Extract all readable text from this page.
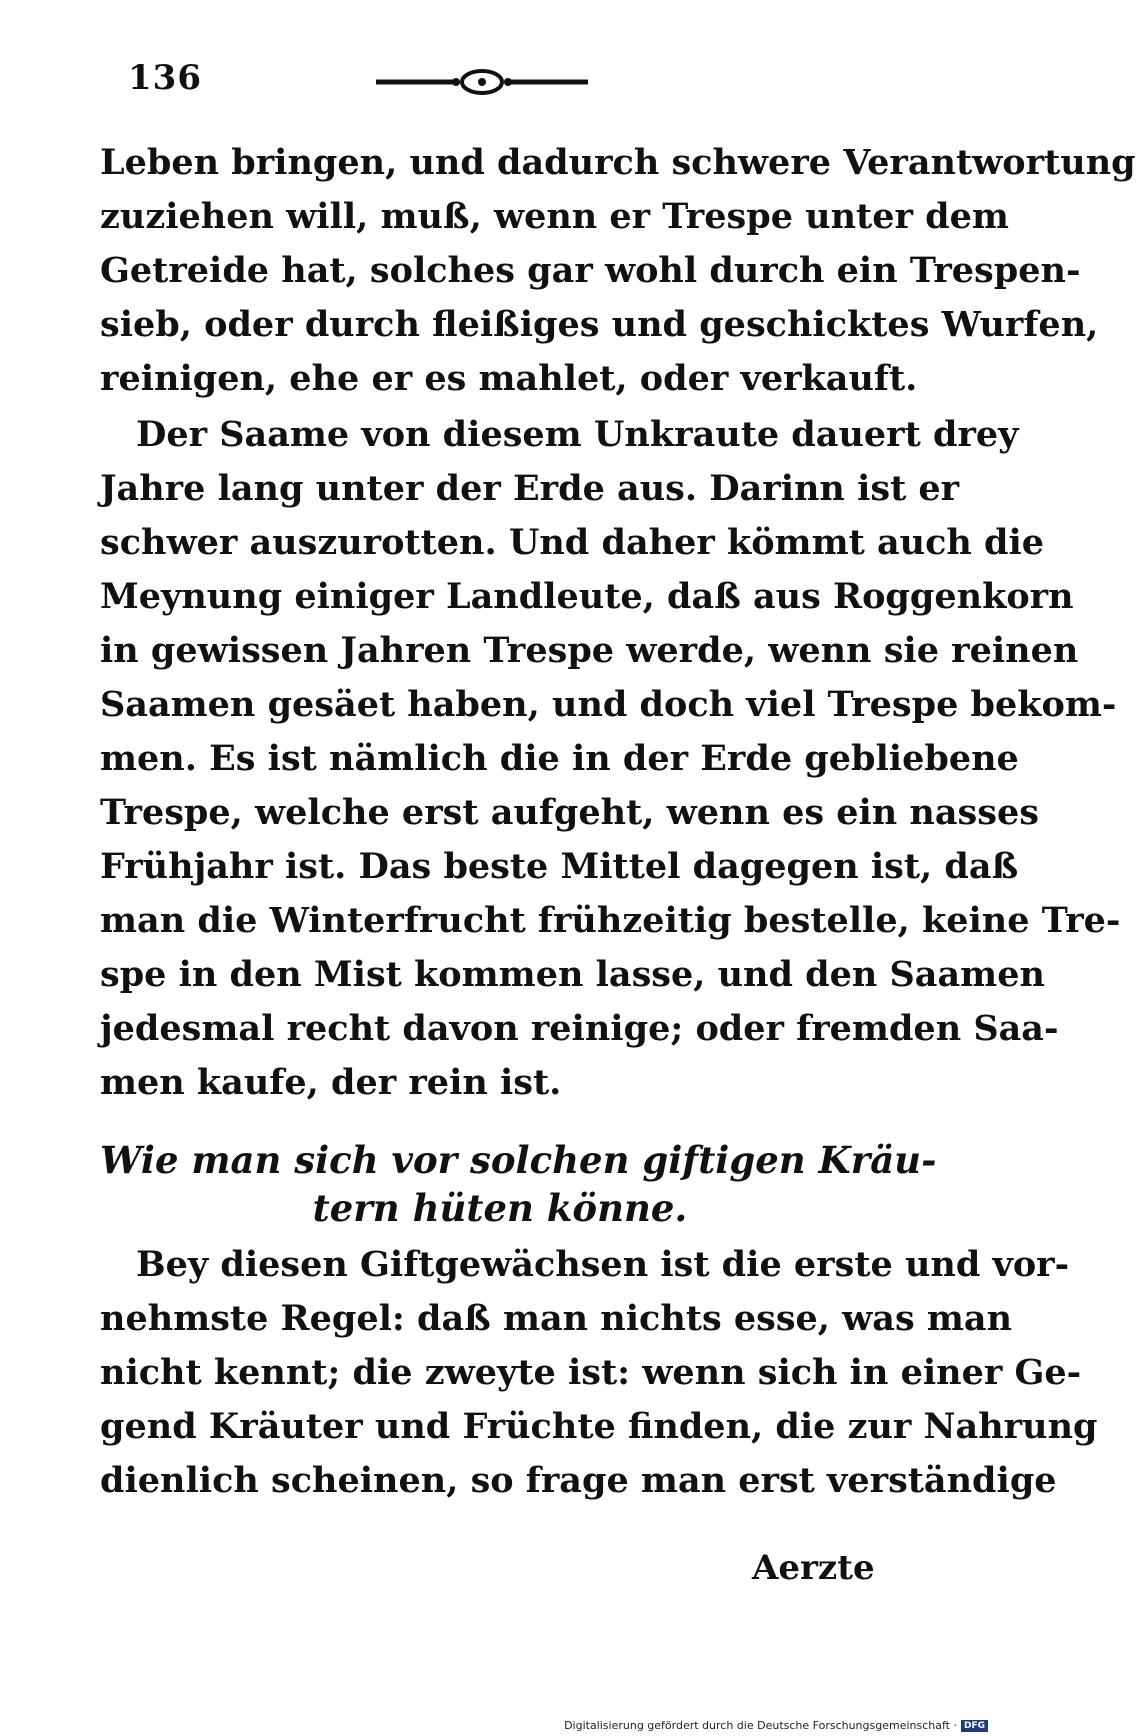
136

Leben bringen, und dadurch schwere Verantwortung
zuziehen will, muß, wenn er Trespe unter dem
Getreide hat, solches gar wohl durch ein Trespen-
sieb, oder durch fleißiges und geschicktes Wurfen,
reinigen, ehe er es mahlet, oder verkauft.

Der Saame von diesem Unkraute dauert drey
Jahre lang unter der Erde aus. Darinn ist er
schwer auszurotten. Und daher kömmt auch die
Meynung einiger Landleute, daß aus Roggenkorn
in gewissen Jahren Trespe werde, wenn sie reinen
Saamen gesäet haben, und doch viel Trespe bekom-
men. Es ist nämlich die in der Erde gebliebene
Trespe, welche erst aufgeht, wenn es ein nasses
Frühjahr ist. Das beste Mittel dagegen ist, daß
man die Winterfrucht frühzeitig bestelle, keine Tre-
spe in den Mist kommen lasse, und den Saamen
jedesmal recht davon reinige; oder fremden Saa-
men kaufe, der rein ist.

Wie man sich vor solchen giftigen Kräu-
tern hüten könne.

Bey diesen Giftgewächsen ist die erste und vor-
nehmste Regel: daß man nichts esse, was man
nicht kennt; die zweyte ist: wenn sich in einer Ge-
gend Kräuter und Früchte finden, die zur Nahrung
dienlich scheinen, so frage man erst verständige

Aerzte
Digitalisierung gefördert durch die Deutsche Forschungsgemeinschaft · DFG
